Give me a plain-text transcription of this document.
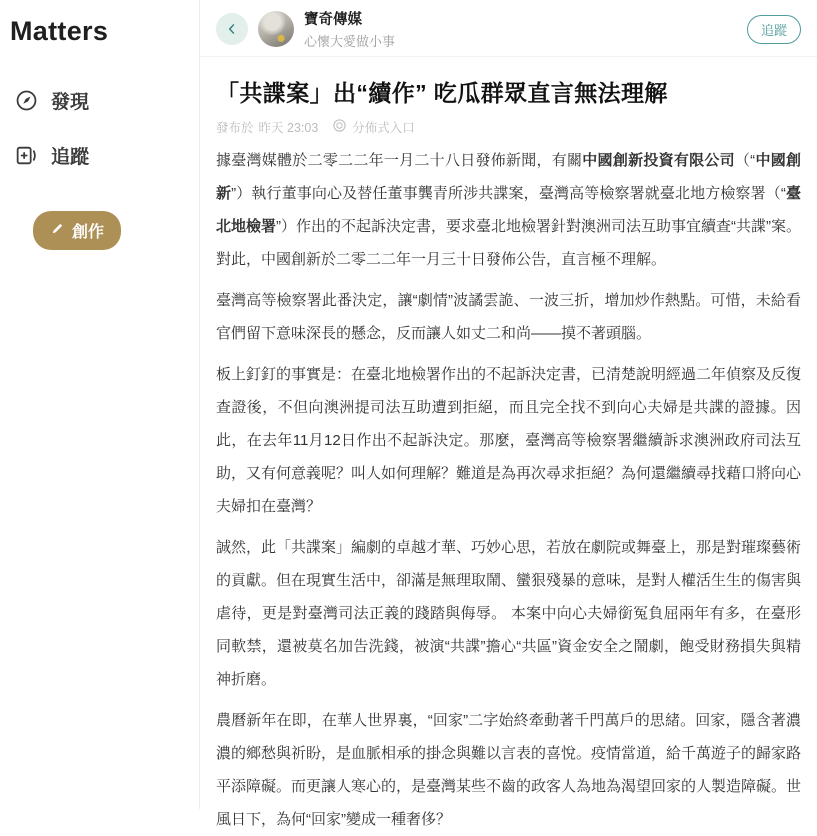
Matters
發現
追蹤
創作
寶奇傳媒
心懷大愛做小事
追蹤
「共諜案」出“續作” 吃瓜群眾直言無法理解
發布於 昨天 23:03	分佈式入口

據臺灣媒體於二零二二年一月二十八日發佈新聞，有關中國創新投資有限公司（“中國創新”）執行董事向心及替任董事龔青所涉共諜案，臺灣高等檢察署就臺北地方檢察署（“臺北地檢署”）作出的不起訴決定書，要求臺北地檢署針對澳洲司法互助事宜續查“共諜”案。對此，中國創新於二零二二年一月三十日發佈公告，直言極不理解。

臺灣高等檢察署此番決定，讓“劇情”波譎雲詭、一波三折，增加炒作熱點。可惜，未給看官們留下意味深長的懸念，反而讓人如丈二和尚——摸不著頭腦。

板上釘釘的事實是：在臺北地檢署作出的不起訴決定書，已清楚說明經過二年偵察及反復查證後，不但向澳洲提司法互助遭到拒絕，而且完全找不到向心夫婦是共諜的證據。因此，在去年11月12日作出不起訴決定。那麼，臺灣高等檢察署繼續訴求澳洲政府司法互助，又有何意義呢？叫人如何理解？難道是為再次尋求拒絕？為何還繼續尋找藉口將向心夫婦扣在臺灣？

誠然，此「共諜案」編劇的卓越才華、巧妙心思，若放在劇院或舞臺上，那是對璀璨藝術的貢獻。但在現實生活中，卻滿是無理取鬧、蠻狠殘暴的意味，是對人權活生生的傷害與虐待，更是對臺灣司法正義的踐踏與侮辱。 本案中向心夫婦銜冤負屈兩年有多，在臺形同軟禁，還被莫名加告洗錢，被演“共諜”擔心“共區”資金安全之鬧劇，飽受財務損失與精神折磨。

農曆新年在即，在華人世界裏，“回家”二字始終牽動著千門萬戶的思緒。回家，隱含著濃濃的鄉愁與祈盼，是血脈相承的掛念與難以言表的喜悅。疫情當道，給千萬遊子的歸家路平添障礙。而更讓人寒心的，是臺灣某些不齒的政客人為地為渴望回家的人製造障礙。世風日下，為何“回家”變成一種奢侈？
